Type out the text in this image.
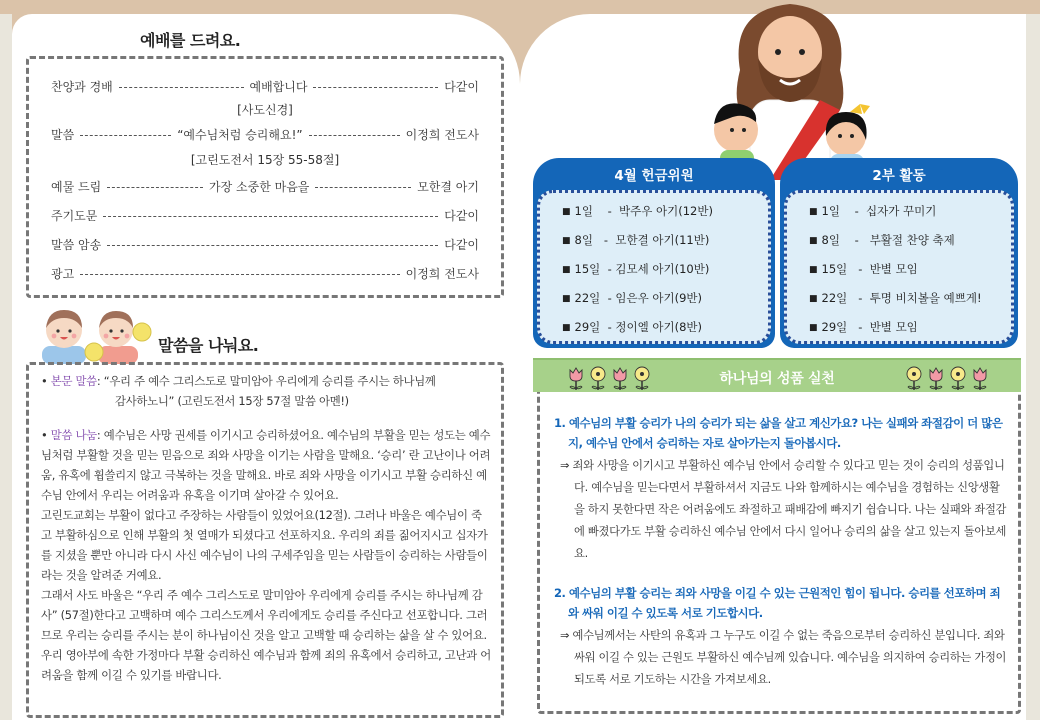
예배를 드려요.
찬양과 경배	예배합니다	다같이
[사도신경]
말씀	“예수님처럼 승리해요!”	이정희 전도사
[고린도전서 15장 55-58절]
예물 드림	가장 소중한 마음을	모한결 아기
주기도문	다같이
말씀 암송	다같이
광고	이정희 전도사
말씀을 나눠요.
• 본문 말씀: “우리 주 예수 그리스도로 말미암아 우리에게 승리를 주시는 하나님께
감사하노니” (고린도전서 15장 57절 말씀 아멘!)
• 말씀 나눔: 예수님은 사망 권세를 이기시고 승리하셨어요. 예수님의 부활을 믿는 성도는 예수님처럼 부활할 것을 믿는 믿음으로 죄와 사망을 이기는 사람을 말해요. ‘승리’ 란 고난이나 어려움, 유혹에 휩쓸리지 않고 극복하는 것을 말해요. 바로 죄와 사망을 이기시고 부활 승리하신 예수님 안에서 우리는 어려움과 유혹을 이기며 살아갈 수 있어요.
고린도교회는 부활이 없다고 주장하는 사람들이 있었어요(12절). 그러나 바울은 예수님이 죽고 부활하심으로 인해 부활의 첫 열매가 되셨다고 선포하지요. 우리의 죄를 짊어지시고 십자가를 지셨을 뿐만 아니라 다시 사신 예수님이 나의 구세주임을 믿는 사람들이 승리하는 사람들이라는 것을 알려준 거예요.
그래서 사도 바울은 “우리 주 예수 그리스도로 말미암아 우리에게 승리를 주시는 하나님께 감사” (57절)한다고 고백하며 예수 그리스도께서 우리에게도 승리를 주신다고 선포합니다. 그러므로 우리는 승리를 주시는 분이 하나님이신 것을 알고 고백할 때 승리하는 삶을 살 수 있어요. 우리 영아부에 속한 가정마다 부활 승리하신 예수님과 함께 죄의 유혹에서 승리하고, 고난과 어려움을 함께 이길 수 있기를 바랍니다.
4월 헌금위원
■ 1일    -  박주우 아기(12반)
■ 8일   -  모한결 아기(11반)
■ 15일  - 김모세 아기(10반)
■ 22일  - 임은우 아기(9반)
■ 29일  - 정이엘 아기(8반)
2부 활동
■ 1일    -  십자가 꾸미기
■ 8일    -   부활절 찬양 축제
■ 15일   -  반별 모임
■ 22일   -  투명 비치볼을 예쁘게!
■ 29일   -  반별 모임
1. 예수님의 부활 승리가 나의 승리가 되는 삶을 살고 계신가요? 나는 실패와 좌절감이 더 많은지, 예수님 안에서 승리하는 자로 살아가는지 돌아봅시다.
⇒ 죄와 사망을 이기시고 부활하신 예수님 안에서 승리할 수 있다고 믿는 것이 승리의 성품입니다. 예수님을 믿는다면서 부활하셔서 지금도 나와 함께하시는 예수님을 경험하는 신앙생활을 하지 못한다면 작은 어려움에도 좌절하고 패배감에 빠지기 쉽습니다. 나는 실패와 좌절감에 빠졌다가도 부활 승리하신 예수님 안에서 다시 일어나 승리의 삶을 살고 있는지 돌아보세요.
2. 예수님의 부활 승리는 죄와 사망을 이길 수 있는 근원적인 힘이 됩니다. 승리를 선포하며 죄와 싸워 이길 수 있도록 서로 기도합시다.
⇒ 예수님께서는 사탄의 유혹과 그 누구도 이길 수 없는 죽음으로부터 승리하신 분입니다. 죄와 싸워 이길 수 있는 근원도 부활하신 예수님께 있습니다. 예수님을 의지하여 승리하는 가정이 되도록 서로 기도하는 시간을 가져보세요.
하나님의 성품 실천
